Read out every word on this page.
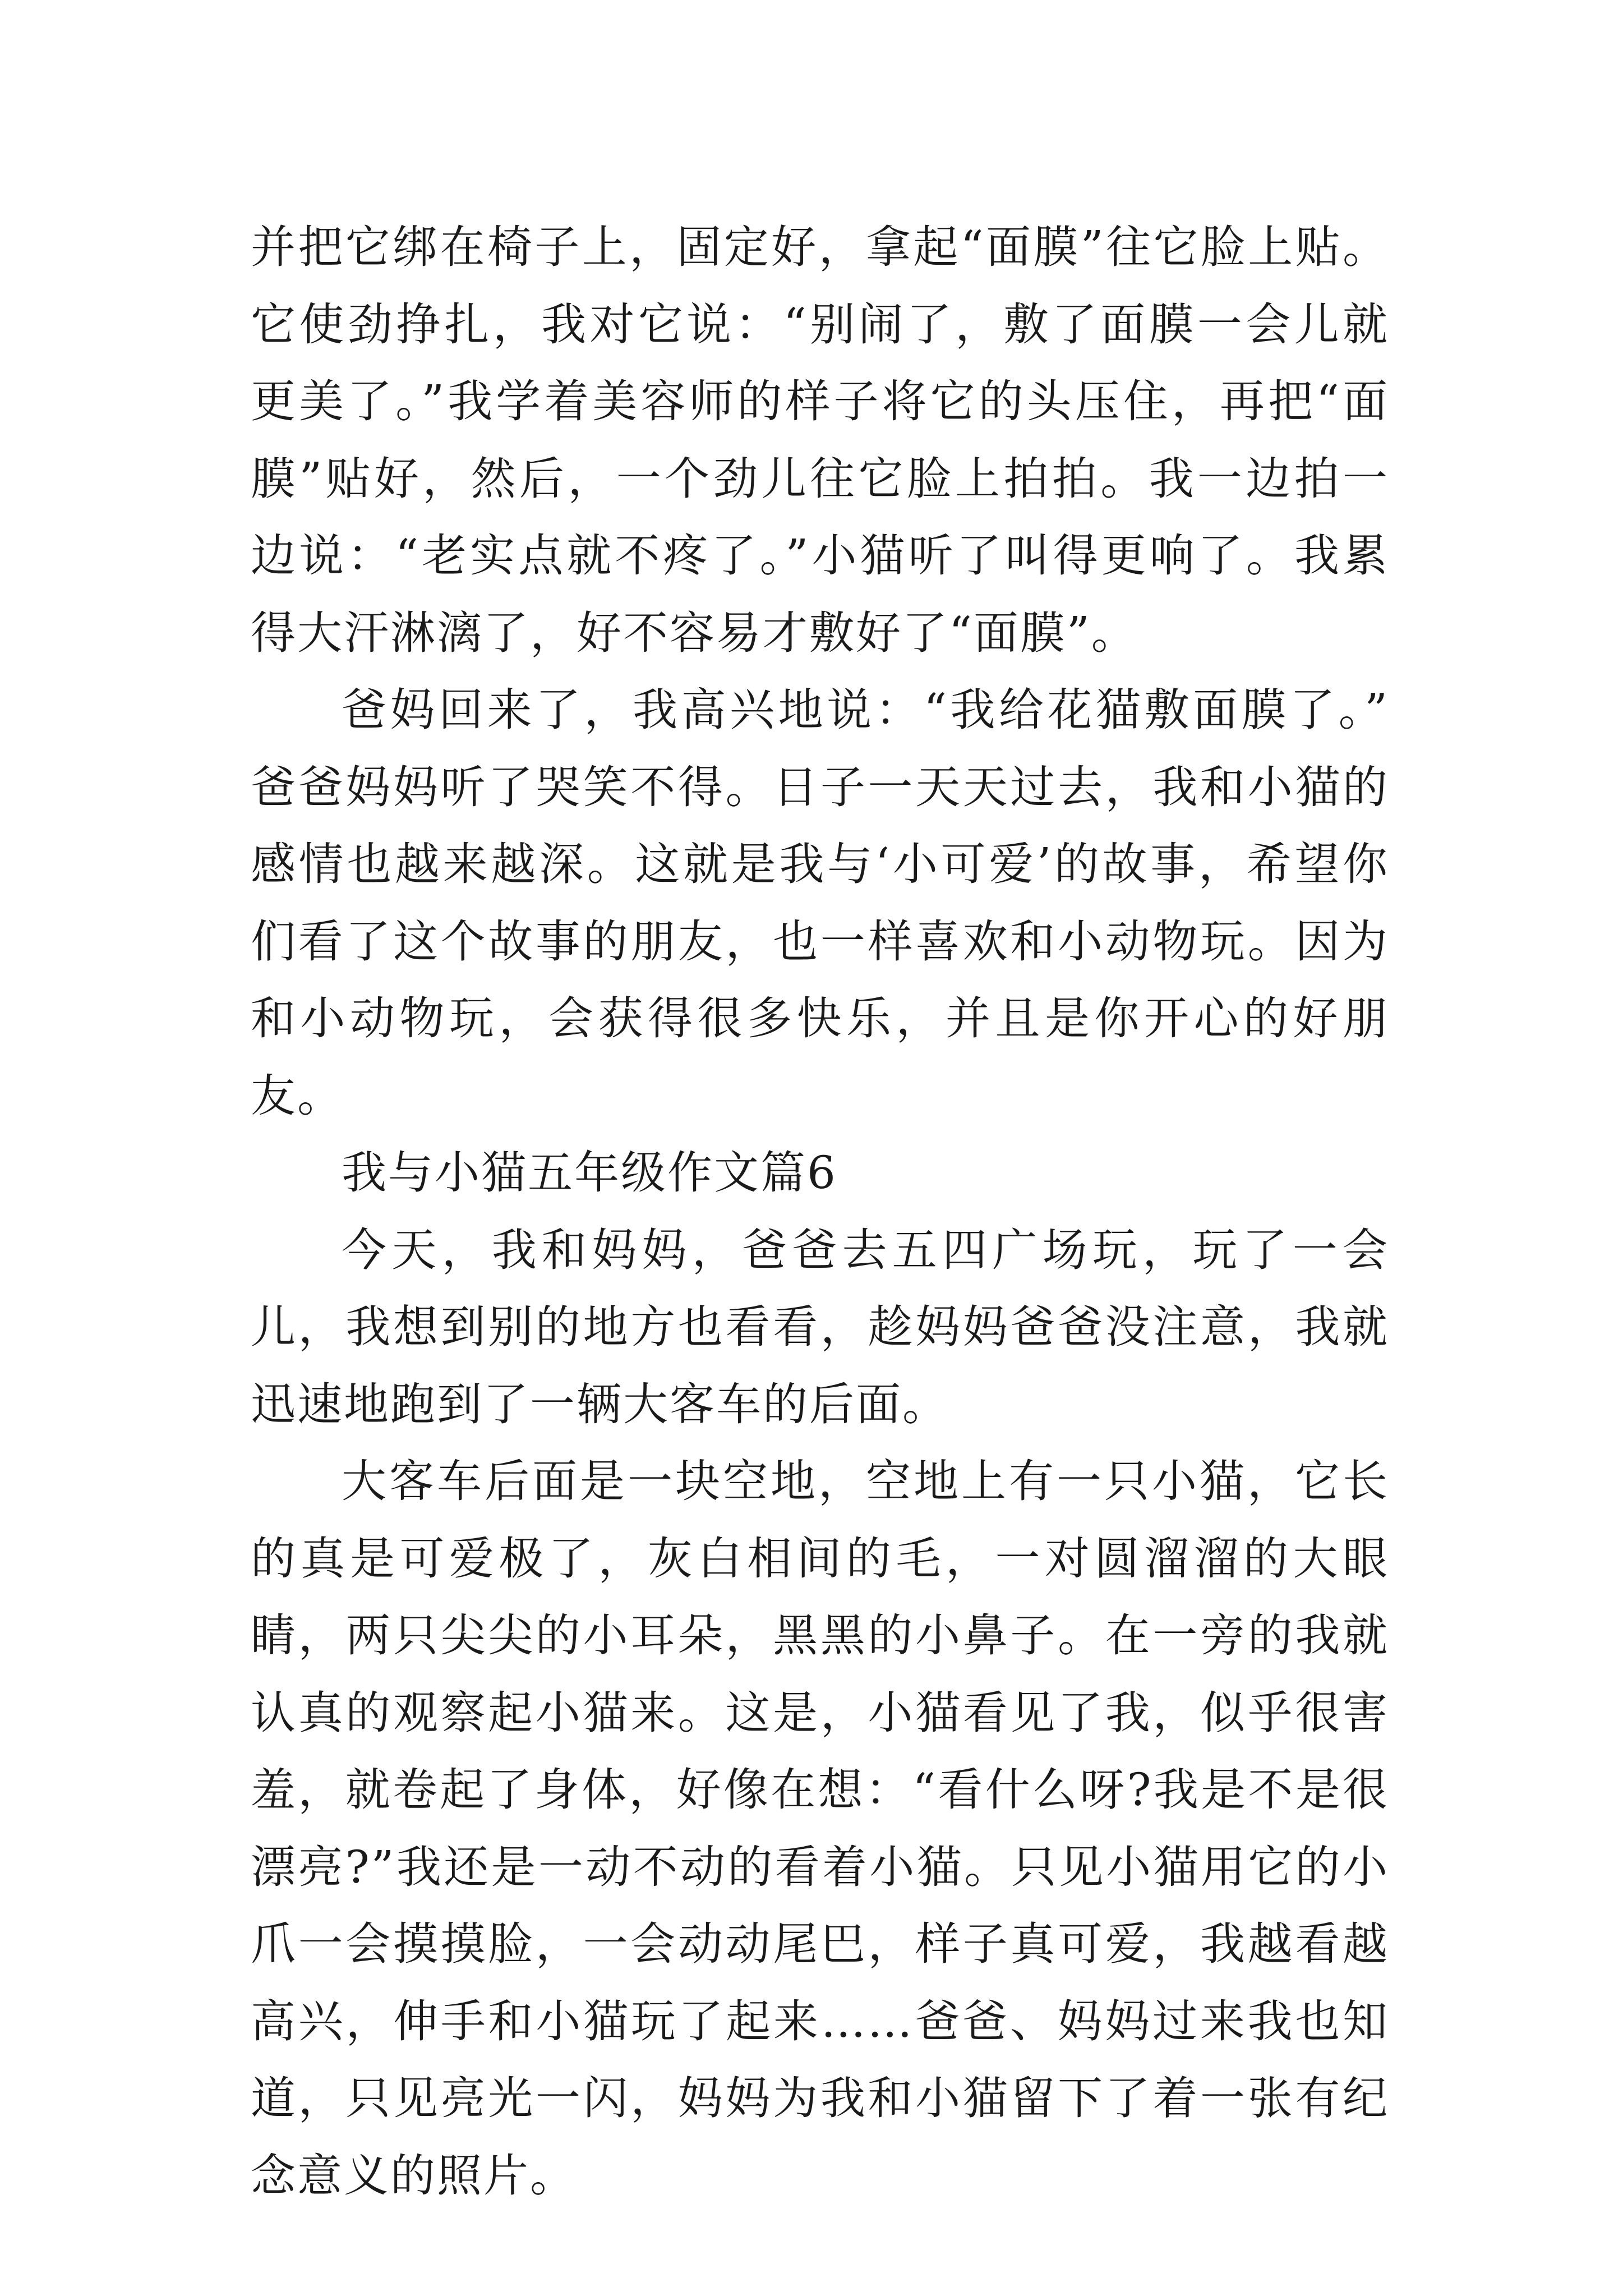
并把它绑在椅子上，固定好，拿起“面膜”往它脸上贴。它使劲挣扎，我对它说：“别闹了，敷了面膜一会儿就更美了。”我学着美容师的样子将它的头压住，再把“面膜”贴好，然后，一个劲儿往它脸上拍拍。我一边拍一边说：“老实点就不疼了。”小猫听了叫得更响了。我累得大汗淋漓了，好不容易才敷好了“面膜”。

爸妈回来了，我高兴地说：“我给花猫敷面膜了。” 爸爸妈妈听了哭笑不得。日子一天天过去，我和小猫的感情也越来越深。这就是我与‘小可爱’的故事，希望你们看了这个故事的朋友，也一样喜欢和小动物玩。因为和小动物玩，会获得很多快乐，并且是你开心的好朋友。

我与小猫五年级作文篇6

今天，我和妈妈，爸爸去五四广场玩，玩了一会儿，我想到别的地方也看看，趁妈妈爸爸没注意，我就迅速地跑到了一辆大客车的后面。

大客车后面是一块空地，空地上有一只小猫，它长的真是可爱极了，灰白相间的毛，一对圆溜溜的大眼睛，两只尖尖的小耳朵，黑黑的小鼻子。在一旁的我就认真的观察起小猫来。这是，小猫看见了我，似乎很害羞，就卷起了身体，好像在想：“看什么呀?我是不是很漂亮?”我还是一动不动的看着小猫。只见小猫用它的小爪一会摸摸脸，一会动动尾巴，样子真可爱，我越看越高兴，伸手和小猫玩了起来……爸爸、妈妈过来我也知道，只见亮光一闪，妈妈为我和小猫留下了着一张有纪念意义的照片。
